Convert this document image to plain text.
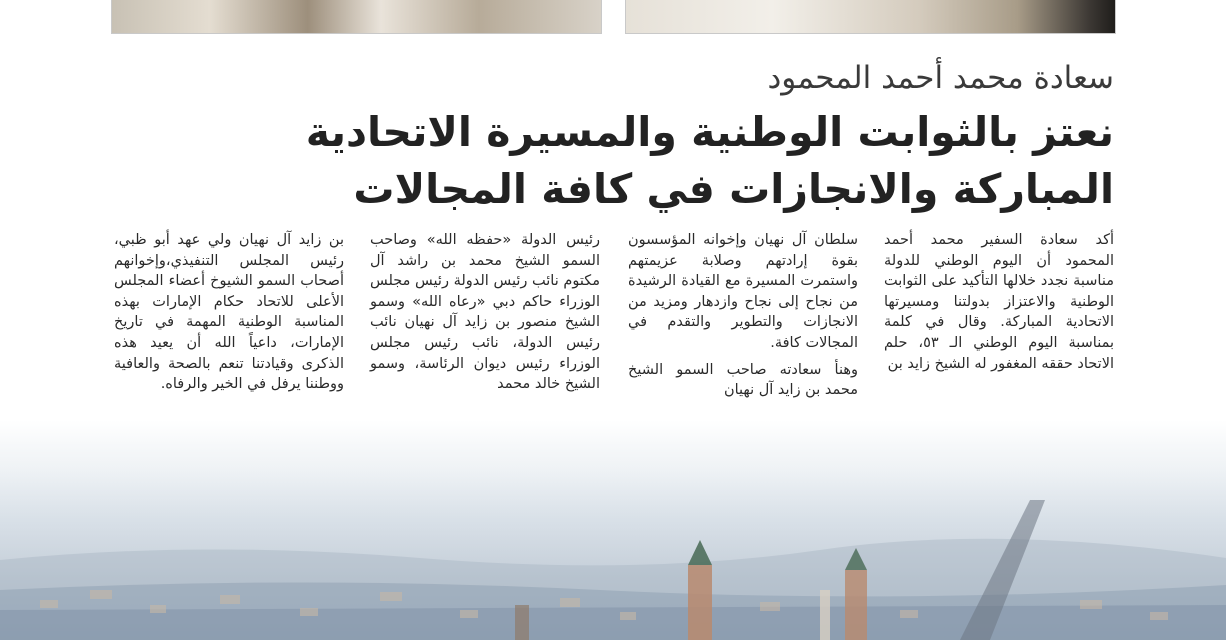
سعادة محمد أحمد المحمود
نعتز بالثوابت الوطنية والمسيرة الاتحادية
المباركة والانجازات في كافة المجالات

أكد سعادة السفير محمد أحمد المحمود أن اليوم الوطني للدولة مناسبة نجدد خلالها التأكيد على الثوابت الوطنية والاعتزاز بدولتنا ومسيرتها الاتحادية المباركة. وقال في كلمة بمناسبة اليوم الوطني الـ ٥٣، حلم الاتحاد حققه المغفور له الشيخ زايد بن

سلطان آل نهيان وإخوانه المؤسسون بقوة إرادتهم وصلابة عزيمتهم واستمرت المسيرة مع القيادة الرشيدة من نجاح إلى نجاح وازدهار ومزيد من الانجازات والتطوير والتقدم في المجالات كافة.

وهنأ سعادته صاحب السمو الشيخ محمد بن زايد آل نهيان

رئيس الدولة «حفظه الله» وصاحب السمو الشيخ محمد بن راشد آل مكتوم نائب رئيس الدولة رئيس مجلس الوزراء حاكم دبي «رعاه الله» وسمو الشيخ منصور بن زايد آل نهيان نائب رئيس الدولة، نائب رئيس مجلس الوزراء رئيس ديوان الرئاسة، وسمو الشيخ خالد محمد

بن زايد آل نهيان ولي عهد أبو ظبي، رئيس المجلس التنفيذي،وإخوانهم أصحاب السمو الشيوخ أعضاء المجلس الأعلى للاتحاد حكام الإمارات بهذه المناسبة الوطنية المهمة في تاريخ الإمارات، داعياً الله أن يعيد هذه الذكرى وقيادتنا تنعم بالصحة والعافية ووطننا يرفل في الخير والرفاه.
